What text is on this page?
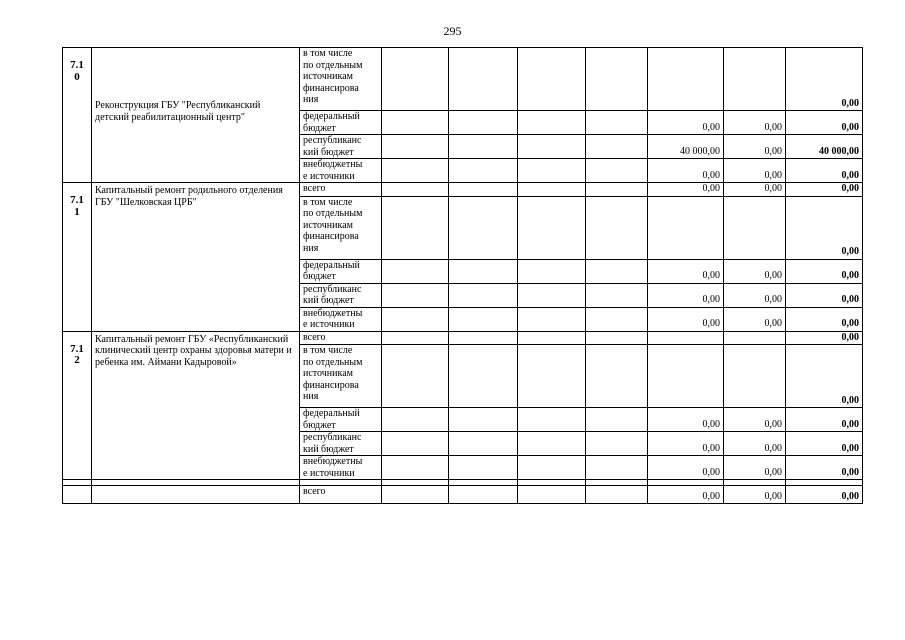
295
7.1
0	Реконструкция ГБУ "Республиканский детский реабилитационный центр"	в том числе
по отдельным
источникам
финансирова
ния							0,00
		федеральный
бюджет					0,00	0,00	0,00
		республиканс
кий бюджет					40 000,00	0,00	40 000,00
		внебюджетны
е источники					0,00	0,00	0,00
7.1
1	Капитальный ремонт родильного отделения ГБУ "Шелковская ЦРБ"	всего					0,00	0,00	0,00
		в том числе
по отдельным
источникам
финансирова
ния							0,00
		федеральный
бюджет					0,00	0,00	0,00
		республиканс
кий бюджет					0,00	0,00	0,00
		внебюджетны
е источники					0,00	0,00	0,00
7.1
2	Капитальный ремонт ГБУ «Республиканский клинический центр охраны здоровья матери и ребенка им. Аймани Кадыровой»	всего							0,00
		в том числе
по отдельным
источникам
финансирова
ния							0,00
		федеральный
бюджет					0,00	0,00	0,00
		республиканс
кий бюджет					0,00	0,00	0,00
		внебюджетны
е источники					0,00	0,00	0,00

		всего					0,00	0,00	0,00
